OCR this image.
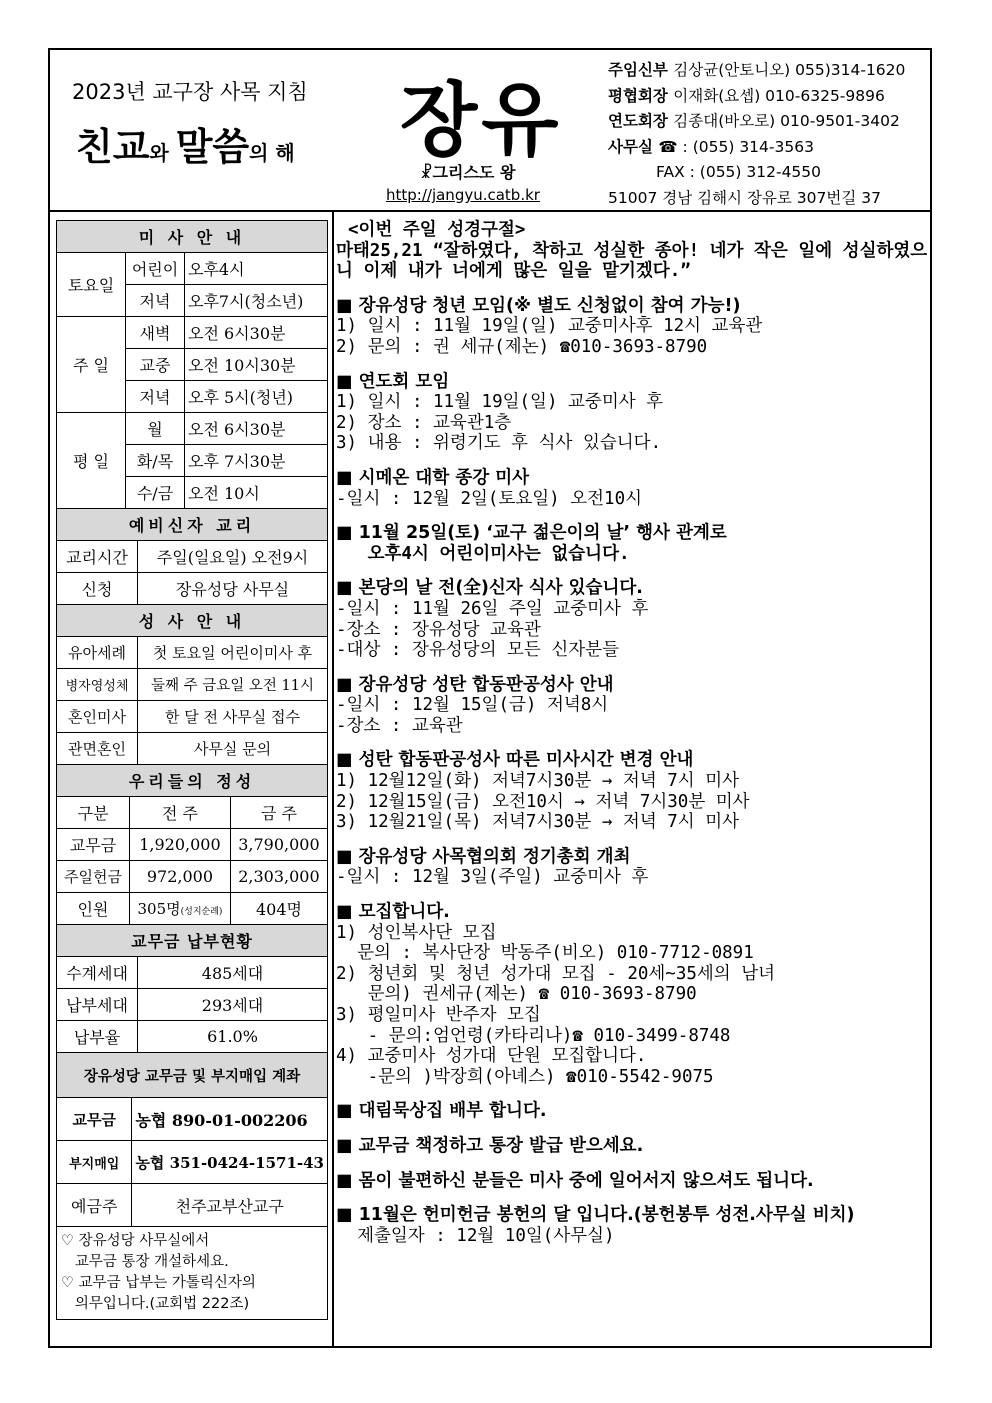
2023년 교구장 사목 지침
친교와 말씀의 해 장유
☧그리스도 왕
http://jangyu.catb.kr
주임신부 김상균(안토니오) 055)314-1620
평협회장 이재화(요셉) 010-6325-9896
연도회장 김종대(바오로) 010-9501-3402
사무실 ☎ : (055) 314-3563
FAX : (055) 312-4550
51007 경남 김해시 장유로 307번길 37
미 사 안 내		
토요일	어린이	오후4시
	저녁	오후7시(청소년)
주 일	새벽	오전 6시30분
	교중	오전 10시30분
	저녁	오후 5시(청년)
평 일	월	오전 6시30분
	화/목	오후 7시30분
	수/금	오전 10시
예비신자 교리	
교리시간	주일(일요일) 오전9시
신청	장유성당 사무실
성 사 안 내	
유아세례	첫 토요일 어린이미사 후
병자영성체	둘째 주 금요일 오전 11시
혼인미사	한 달 전 사무실 접수
관면혼인	사무실 문의
우리들의 정성		
구분	전 주	금 주
교무금	1,920,000	3,790,000
주일헌금	972,000	2,303,000
인원	305명(성지순례)	404명
교무금 납부현황	
수계세대	485세대
납부세대	293세대
납부율	61.0%
장유성당 교무금 및 부지매입 계좌	
교무금	농협 890-01-002206
부지매입	농협 351-0424-1571-43
예금주	천주교부산교구
♡ 장유성당 사무실에서
교무금 통장 개설하세요.
♡ 교무금 납부는 가톨릭신자의
의무입니다.(교회법 222조)
<이번 주일 성경구절>
마태25,21 “잘하였다, 착하고 성실한 종아! 네가 작은 일에 성실하였으니 이제 내가 너에게 많은 일을 맡기겠다.”
■ 장유성당 청년 모임(※ 별도 신청없이 참여 가능!)
1) 일시 : 11월 19일(일) 교중미사후 12시 교육관
2) 문의 : 권 세규(제논) ☎010-3693-8790
■ 연도회 모임
1) 일시 : 11월 19일(일) 교중미사 후
2) 장소 : 교육관1층
3) 내용 : 위령기도 후 식사 있습니다.
■ 시메온 대학 종강 미사
-일시 : 12월 2일(토요일) 오전10시
■ 11월 25일(토) ‘교구 젊은이의 날’ 행사 관계로
오후4시 어린이미사는 없습니다.
■ 본당의 날 전(全)신자 식사 있습니다.
-일시 : 11월 26일 주일 교중미사 후
-장소 : 장유성당 교육관
-대상 : 장유성당의 모든 신자분들
■ 장유성당 성탄 합동판공성사 안내
-일시 : 12월 15일(금) 저녁8시
-장소 : 교육관
■ 성탄 합동판공성사 따른 미사시간 변경 안내
1) 12월12일(화) 저녁7시30분 → 저녁 7시 미사
2) 12월15일(금) 오전10시 → 저녁 7시30분 미사
3) 12월21일(목) 저녁7시30분 → 저녁 7시 미사
■ 장유성당 사목협의회 정기총회 개최
-일시 : 12월 3일(주일) 교중미사 후
■ 모집합니다.
1) 성인복사단 모집
문의 : 복사단장 박동주(비오) 010-7712-0891
2) 청년회 및 청년 성가대 모집 - 20세~35세의 남녀
문의) 권세규(제논) ☎ 010-3693-8790
3) 평일미사 반주자 모집
- 문의:엄언령(카타리나)☎ 010-3499-8748
4) 교중미사 성가대 단원 모집합니다.
-문의 )박장희(아녜스) ☎010-5542-9075
■ 대림묵상집 배부 합니다.
■ 교무금 책정하고 통장 발급 받으세요.
■ 몸이 불편하신 분들은 미사 중에 일어서지 않으셔도 됩니다.
■ 11월은 헌미헌금 봉헌의 달 입니다.(봉헌봉투 성전.사무실 비치)
제출일자 : 12월 10일(사무실)
